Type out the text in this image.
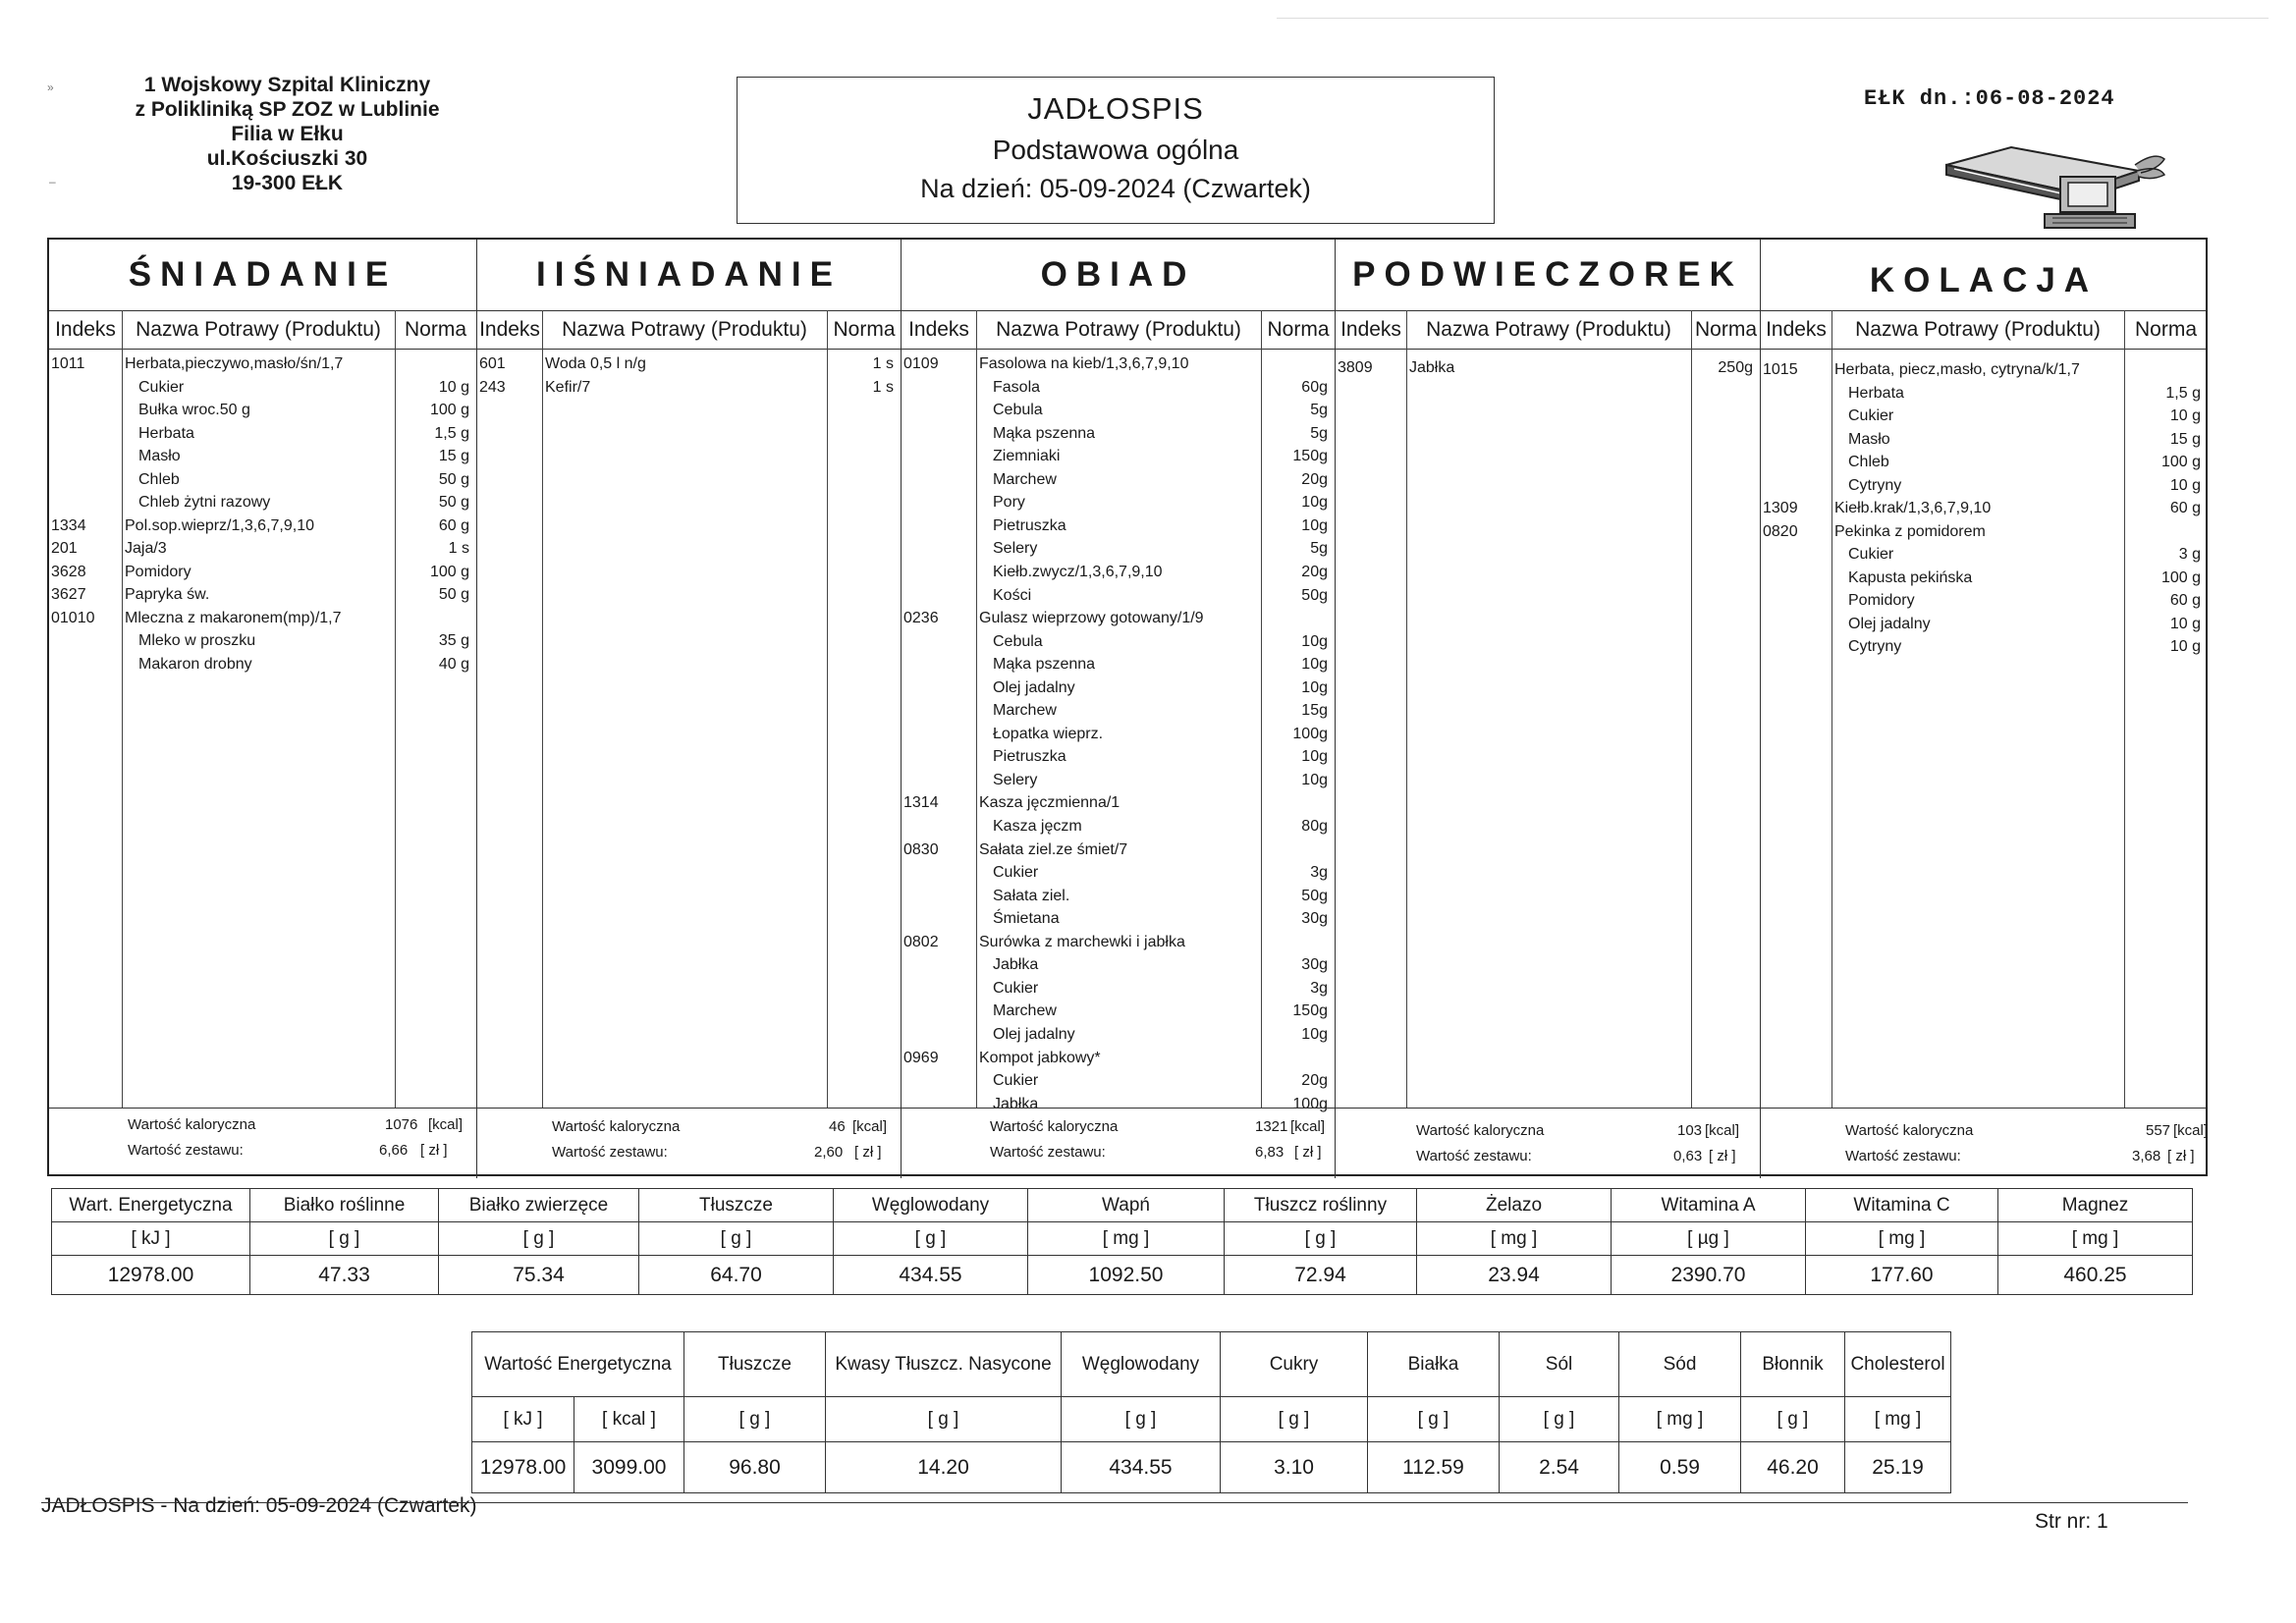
»
–
1 Wojskowy Szpital Kliniczny
z Polikliniką SP ZOZ w Lublinie
Filia w Ełku
ul.Kościuszki 30
19-300 EŁK
JADŁOSPIS
Podstawowa ogólna
Na dzień: 05-09-2024 (Czwartek)
EŁK dn.:06-08-2024
ŚNIADANIE
Indeks Nazwa Potrawy (Produktu)	Norma
1011	Herbata,pieczywo,masło/śn/1,7
Cukier	10 g
Bułka wroc.50 g	100 g
Herbata	1,5 g
Masło	15 g
Chleb	50 g
Chleb żytni razowy	50 g
1334 Pol.sop.wieprz/1,3,6,7,9,10	60 g
201	Jaja/3	1 s
3628 Pomidory	100 g
3627 Papryka św.	50 g
01010 Mleczna z makaronem(mp)/1,7
Mleko w proszku	35 g
Makaron drobny	40 g
Wartość kaloryczna	1076 [kcal]
Wartość zestawu:	6,66 [ zł ]
IIŚNIADANIE
Indeks	Nazwa Potrawy (Produktu)	Norma
601	Woda 0,5 l n/g	1 s
243	Kefir/7	1 s
Wartość kaloryczna	46 [kcal]
Wartość zestawu:	2,60 [ zł ]
OBIAD
Indeks	Nazwa Potrawy (Produktu)	Norma
0109	Fasolowa na kieb/1,3,6,7,9,10
Fasola	60g
Cebula	5g
Mąka pszenna	5g
Ziemniaki	150g
Marchew	20g
Pory	10g
Pietruszka	10g
Selery	5g
Kiełb.zwycz/1,3,6,7,9,10	20g
Kości	50g
0236	Gulasz wieprzowy gotowany/1/9
Cebula	10g
Mąka pszenna	10g
Olej jadalny	10g
Marchew	15g
Łopatka wieprz.	100g
Pietruszka	10g
Selery	10g
1314	Kasza jęczmienna/1
Kasza jęczm	80g
0830	Sałata ziel.ze śmiet/7
Cukier	3g
Sałata ziel.	50g
Śmietana	30g
0802	Surówka z marchewki i jabłka
Jabłka	30g
Cukier	3g
Marchew	150g
Olej jadalny	10g
0969	Kompot jabkowy*
Cukier	20g
Jabłka	100g
Wartość kaloryczna	1321 [kcal]
Wartość zestawu:	6,83 [ zł ]
PODWIECZOREK
Indeks	Nazwa Potrawy (Produktu)	Norma
3809 Jabłka	250g
Wartość kaloryczna	103 [kcal]
Wartość zestawu:	0,63 [ zł ]
KOLACJA
Indeks	Nazwa Potrawy (Produktu)	Norma
1015 Herbata, piecz,masło, cytryna/k/1,7
Herbata	1,5 g
Cukier	10 g
Masło	15 g
Chleb	100 g
Cytryny	10 g
1309 Kiełb.krak/1,3,6,7,9,10	60 g
0820 Pekinka z pomidorem
Cukier	3 g
Kapusta pekińska	100 g
Pomidory	60 g
Olej jadalny	10 g
Cytryny	10 g
Wartość kaloryczna	557 [kcal]
Wartość zestawu:	3,68 [ zł ]
Wart. Energetyczna	Białko roślinne	Białko zwierzęce	Tłuszcze	Węglowodany	Wapń	Tłuszcz roślinny	Żelazo	Witamina A	Witamina C	Magnez
[ kJ ]	[ g ]	[ g ]	[ g ]	[ g ]	[ mg ]	[ g ]	[ mg ]	[ µg ]	[ mg ]	[ mg ]
12978.00	47.33	75.34	64.70	434.55	1092.50	72.94	23.94	2390.70	177.60	460.25
Wartość Energetyczna		Tłuszcze	Kwasy Tłuszcz. Nasycone	Węglowodany	Cukry	Białka	Sól	Sód	Błonnik	Cholesterol
[ kJ ]	[ kcal ]	[ g ]	[ g ]	[ g ]	[ g ]	[ g ]	[ g ]	[ mg ]	[ g ]	[ mg ]
12978.00	3099.00	96.80	14.20	434.55	3.10	112.59	2.54	0.59	46.20	25.19
JADŁOSPIS - Na dzień: 05-09-2024 (Czwartek)
Str nr: 1
